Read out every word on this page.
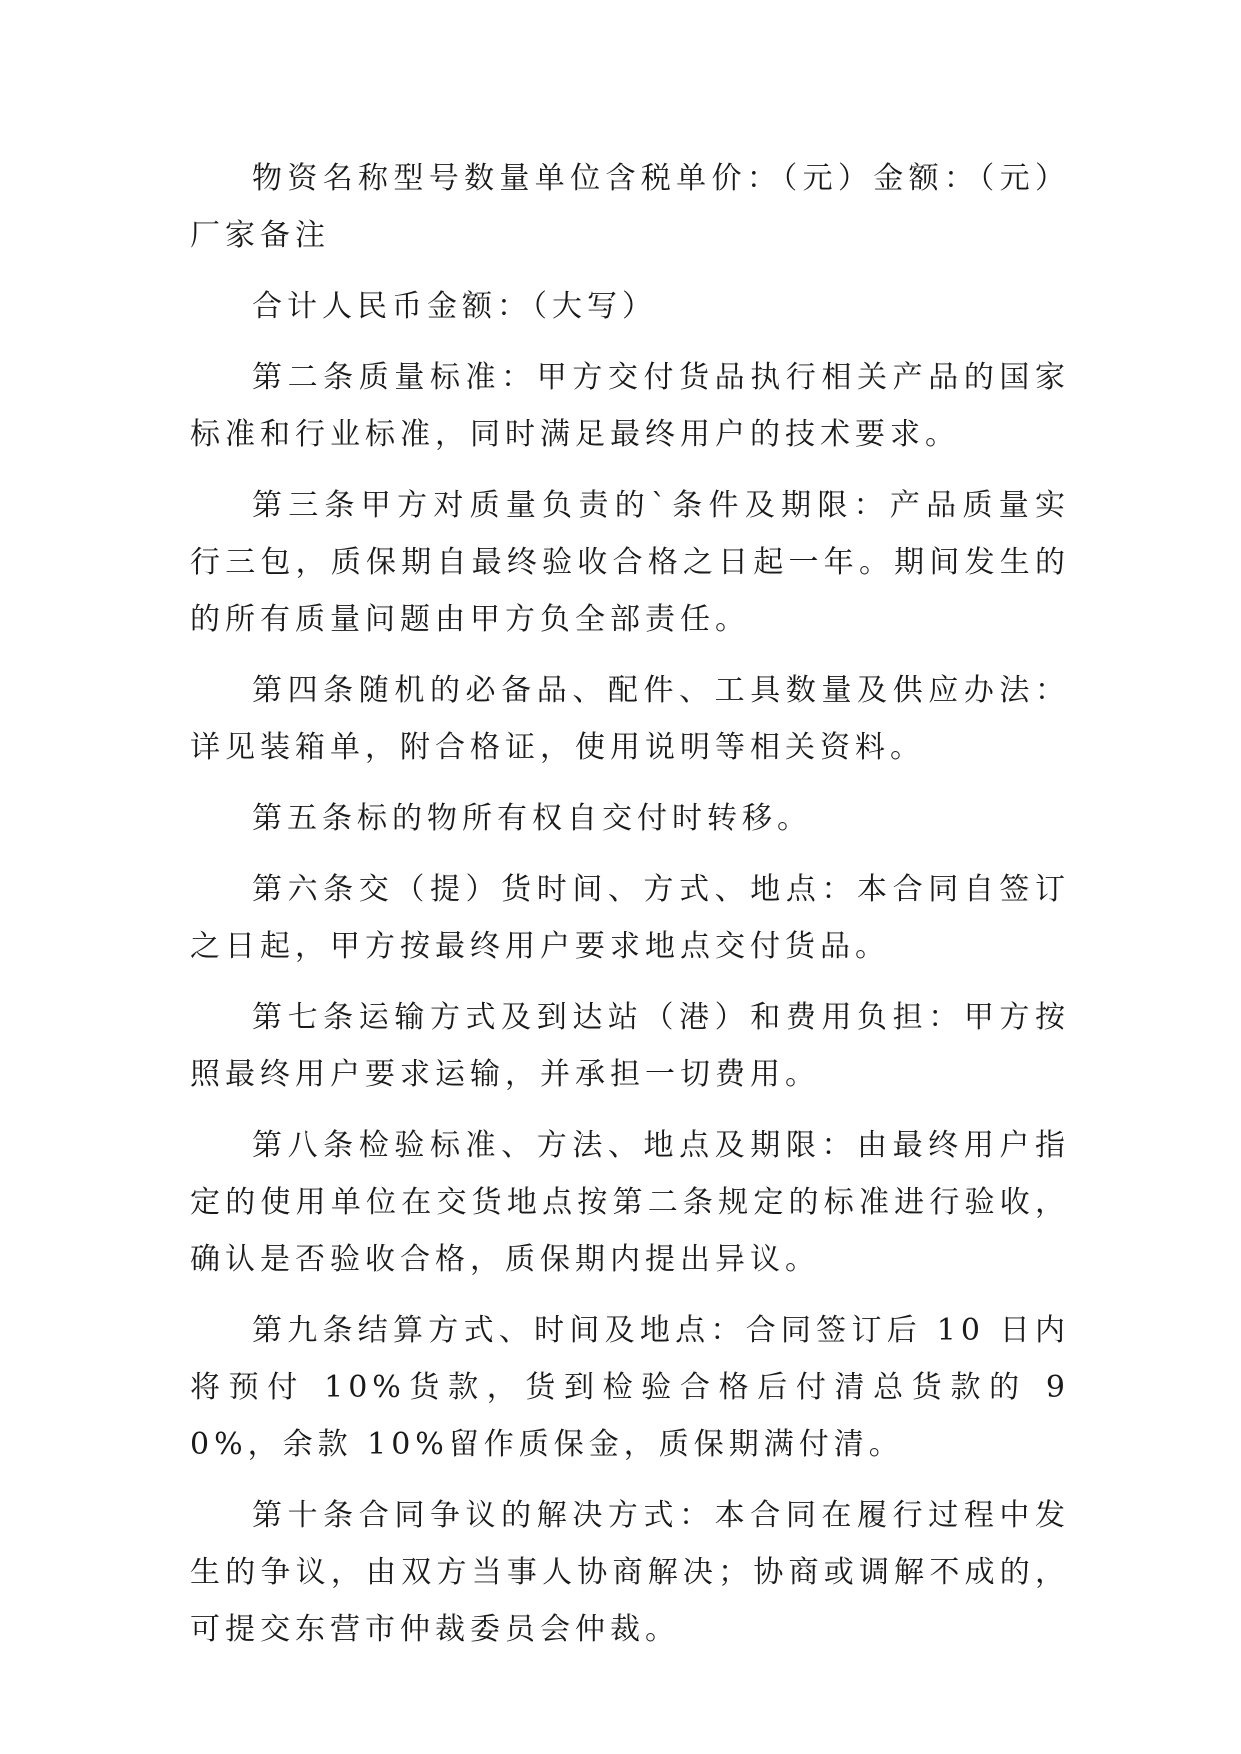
物资名称型号数量单位含税单价：（元）金额：（元）厂家备注

合计人民币金额：（大写）

第二条质量标准：甲方交付货品执行相关产品的国家标准和行业标准，同时满足最终用户的技术要求。

第三条甲方对质量负责的`条件及期限：产品质量实行三包，质保期自最终验收合格之日起一年。期间发生的的所有质量问题由甲方负全部责任。

第四条随机的必备品、配件、工具数量及供应办法：详见装箱单，附合格证，使用说明等相关资料。

第五条标的物所有权自交付时转移。

第六条交（提）货时间、方式、地点：本合同自签订之日起，甲方按最终用户要求地点交付货品。

第七条运输方式及到达站（港）和费用负担：甲方按照最终用户要求运输，并承担一切费用。

第八条检验标准、方法、地点及期限：由最终用户指定的使用单位在交货地点按第二条规定的标准进行验收，确认是否验收合格，质保期内提出异议。

第九条结算方式、时间及地点：合同签订后 10 日内将预付 10%货款，货到检验合格后付清总货款的 90%，余款 10%留作质保金，质保期满付清。

第十条合同争议的解决方式：本合同在履行过程中发生的争议，由双方当事人协商解决；协商或调解不成的，可提交东营市仲裁委员会仲裁。
